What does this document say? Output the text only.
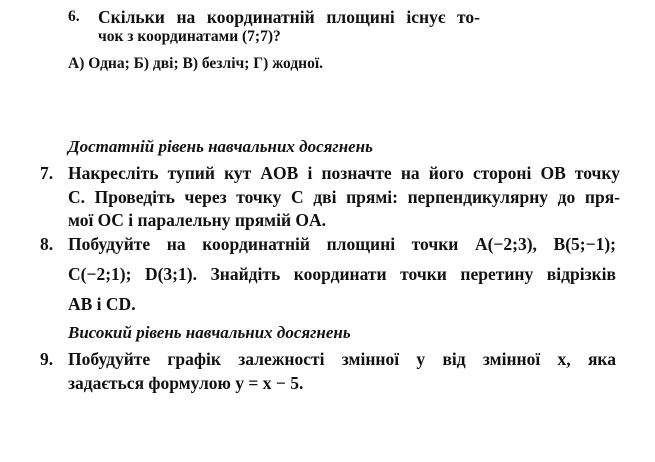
6. Скільки на координатній площині існує то-
чок з координатами (7;7)?
А) Одна; Б) дві; В) безліч; Г) жодної.
Достатній рівень навчальних досягнень
7. Накресліть тупий кут AOB і позначте на його стороні OB точку
C. Проведіть через точку C дві прямі: перпендикулярну до пря-
мої OC і паралельну прямій OA.
8. Побудуйте на координатній площині точки A(−2;3), B(5;−1);
C(−2;1); D(3;1). Знайдіть координати точки перетину відрізків
AB і CD.
Високий рівень навчальних досягнень
9. Побудуйте графік залежності змінної y від змінної x, яка
задається формулою y = x − 5.
